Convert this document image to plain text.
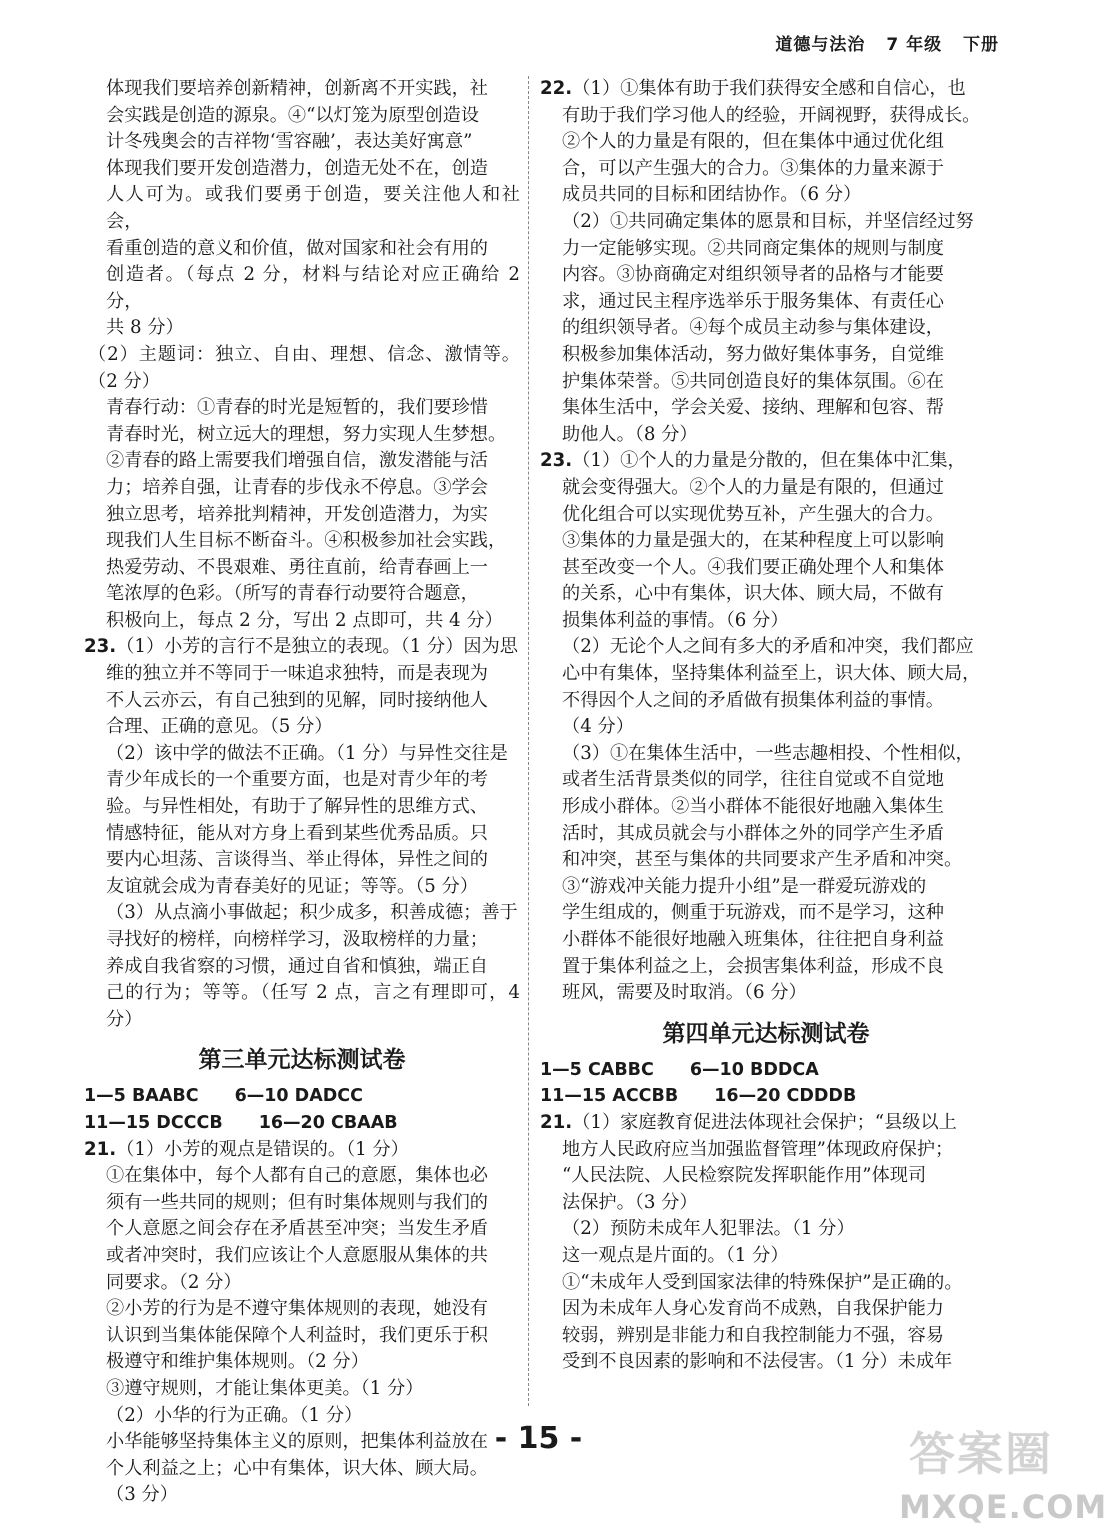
道德与法治 7 年级 下册

体现我们要培养创新精神，创新离不开实践，社

会实践是创造的源泉。④“以灯笼为原型创造设

计冬残奥会的吉祥物‘雪容融’，表达美好寓意”

体现我们要开发创造潜力，创造无处不在，创造

人人可为。或我们要勇于创造，要关注他人和社会，

看重创造的意义和价值，做对国家和社会有用的

创造者。（每点 2 分，材料与结论对应正确给 2 分，

共 8 分）

（2）主题词：独立、自由、理想、信念、激情等。（2 分）

青春行动：①青春的时光是短暂的，我们要珍惜

青春时光，树立远大的理想，努力实现人生梦想。

②青春的路上需要我们增强自信，激发潜能与活

力；培养自强，让青春的步伐永不停息。③学会

独立思考，培养批判精神，开发创造潜力，为实

现我们人生目标不断奋斗。④积极参加社会实践，

热爱劳动、不畏艰难、勇往直前，给青春画上一

笔浓厚的色彩。（所写的青春行动要符合题意，

积极向上，每点 2 分，写出 2 点即可，共 4 分）

23.（1）小芳的言行不是独立的表现。（1 分）因为思

维的独立并不等同于一味追求独特，而是表现为

不人云亦云，有自己独到的见解，同时接纳他人

合理、正确的意见。（5 分）

（2）该中学的做法不正确。（1 分）与异性交往是

青少年成长的一个重要方面，也是对青少年的考

验。与异性相处，有助于了解异性的思维方式、

情感特征，能从对方身上看到某些优秀品质。只

要内心坦荡、言谈得当、举止得体，异性之间的

友谊就会成为青春美好的见证；等等。（5 分）

（3）从点滴小事做起；积少成多，积善成德；善于

寻找好的榜样，向榜样学习，汲取榜样的力量；

养成自我省察的习惯，通过自省和慎独，端正自

己的行为；等等。（任写 2 点，言之有理即可，4 分）

第三单元达标测试卷

1—5 BAABC 6—10 DADCC

11—15 DCCCB 16—20 CBAAB

21.（1）小芳的观点是错误的。（1 分）

①在集体中，每个人都有自己的意愿，集体也必

须有一些共同的规则；但有时集体规则与我们的

个人意愿之间会存在矛盾甚至冲突；当发生矛盾

或者冲突时，我们应该让个人意愿服从集体的共

同要求。（2 分）

②小芳的行为是不遵守集体规则的表现，她没有

认识到当集体能保障个人利益时，我们更乐于积

极遵守和维护集体规则。（2 分）

③遵守规则，才能让集体更美。（1 分）

（2）小华的行为正确。（1 分）

小华能够坚持集体主义的原则，把集体利益放在

个人利益之上；心中有集体，识大体、顾大局。

（3 分）

22.（1）①集体有助于我们获得安全感和自信心，也

有助于我们学习他人的经验，开阔视野，获得成长。

②个人的力量是有限的，但在集体中通过优化组

合，可以产生强大的合力。③集体的力量来源于

成员共同的目标和团结协作。（6 分）

（2）①共同确定集体的愿景和目标，并坚信经过努

力一定能够实现。②共同商定集体的规则与制度

内容。③协商确定对组织领导者的品格与才能要

求，通过民主程序选举乐于服务集体、有责任心

的组织领导者。④每个成员主动参与集体建设，

积极参加集体活动，努力做好集体事务，自觉维

护集体荣誉。⑤共同创造良好的集体氛围。⑥在

集体生活中，学会关爱、接纳、理解和包容、帮

助他人。（8 分）

23.（1）①个人的力量是分散的，但在集体中汇集，

就会变得强大。②个人的力量是有限的，但通过

优化组合可以实现优势互补，产生强大的合力。

③集体的力量是强大的，在某种程度上可以影响

甚至改变一个人。④我们要正确处理个人和集体

的关系，心中有集体，识大体、顾大局，不做有

损集体利益的事情。（6 分）

（2）无论个人之间有多大的矛盾和冲突，我们都应

心中有集体，坚持集体利益至上，识大体、顾大局，

不得因个人之间的矛盾做有损集体利益的事情。

（4 分）

（3）①在集体生活中，一些志趣相投、个性相似，

或者生活背景类似的同学，往往自觉或不自觉地

形成小群体。②当小群体不能很好地融入集体生

活时，其成员就会与小群体之外的同学产生矛盾

和冲突，甚至与集体的共同要求产生矛盾和冲突。

③“游戏冲关能力提升小组”是一群爱玩游戏的

学生组成的，侧重于玩游戏，而不是学习，这种

小群体不能很好地融入班集体，往往把自身利益

置于集体利益之上，会损害集体利益，形成不良

班风，需要及时取消。（6 分）

第四单元达标测试卷

1—5 CABBC 6—10 BDDCA

11—15 ACCBB 16—20 CDDDB

21.（1）家庭教育促进法体现社会保护；“县级以上

地方人民政府应当加强监督管理”体现政府保护；

“人民法院、人民检察院发挥职能作用”体现司

法保护。（3 分）

（2）预防未成年人犯罪法。（1 分）

这一观点是片面的。（1 分）

①“未成年人受到国家法律的特殊保护”是正确的。

因为未成年人身心发育尚不成熟，自我保护能力

较弱，辨别是非能力和自我控制能力不强，容易

受到不良因素的影响和不法侵害。（1 分）未成年

- 15 -	答案圈
MXQE.COM
